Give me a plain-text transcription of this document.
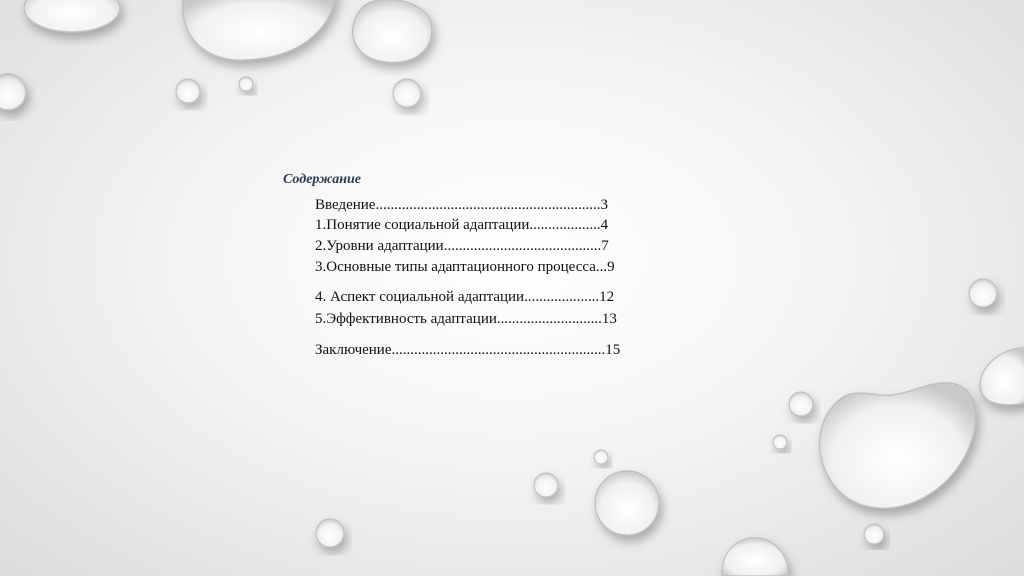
Содержание
Введение............................................................3
1.Понятие социальной адаптации...................4
2.Уровни адаптации..........................................7
3.Основные типы адаптационного процесса...9
4. Аспект социальной адаптации....................12
5.Эффективность адаптации............................13
Заключение.........................................................15
